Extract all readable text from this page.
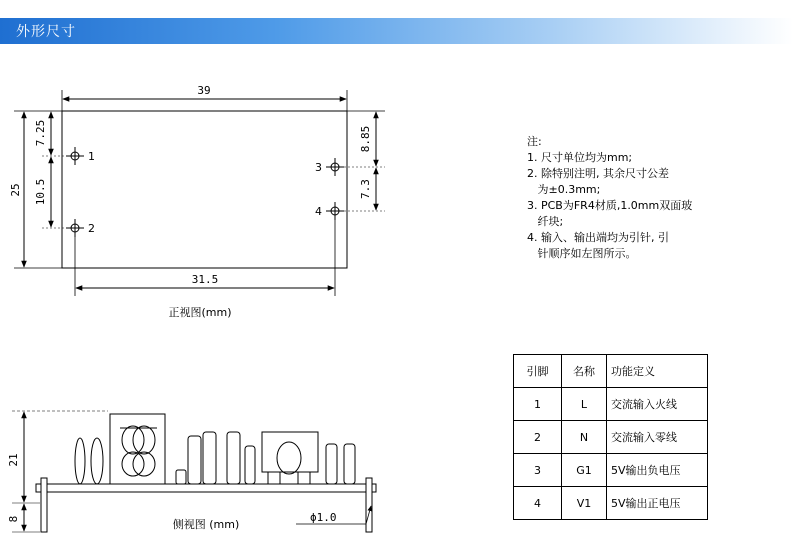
外形尺寸
39
25
7.25
10.5
1
2
8.85
7.3
3
4
31.5
正视图(mm)
21
8	ϕ1.0
侧视图 (mm)

注:

1. 尺寸单位均为mm;

2. 除特别注明, 其余尺寸公差

为±0.3mm;

3. PCB为FR4材质,1.0mm双面玻

纤块;

4. 输入、输出端均为引针, 引

针顺序如左图所示。

引脚	名称	功能定义
1	L	交流输入火线
2	N	交流输入零线
3	G1	5V输出负电压
4	V1	5V输出正电压
